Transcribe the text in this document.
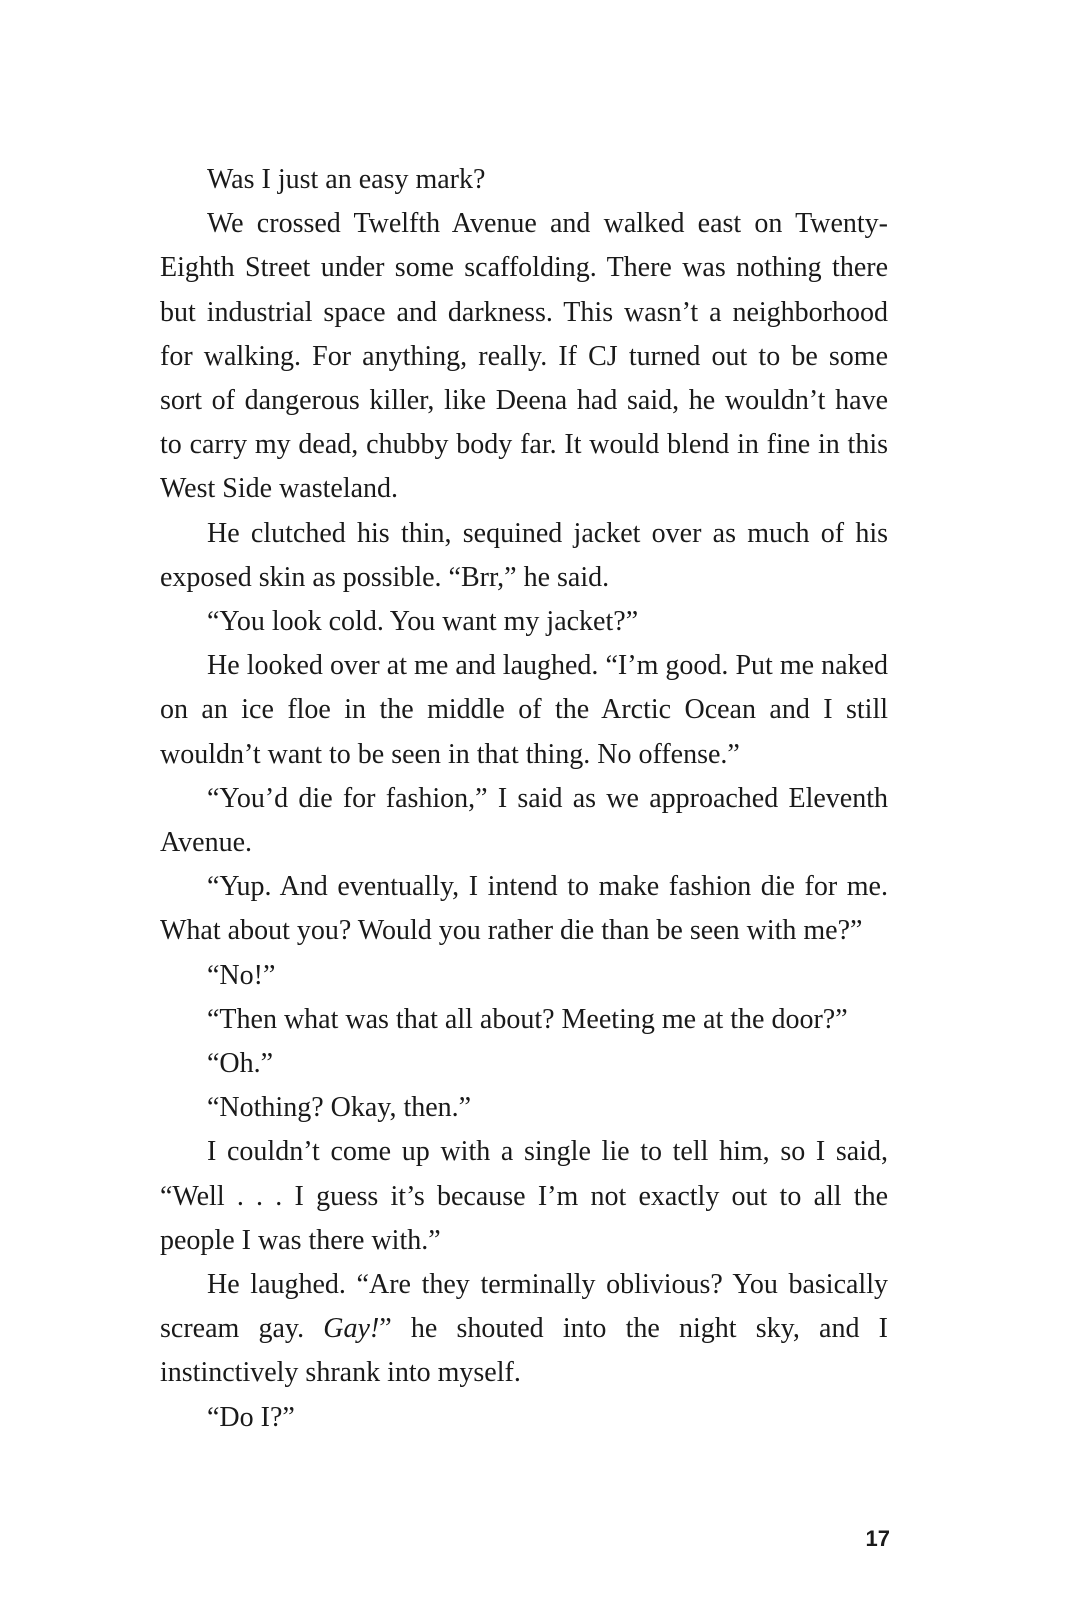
Was I just an easy mark?

We crossed Twelfth Avenue and walked east on Twenty-Eighth Street under some scaffolding. There was nothing there but industrial space and darkness. This wasn’t a neighborhood for walking. For anything, really. If CJ turned out to be some sort of dangerous killer, like Deena had said, he wouldn’t have to carry my dead, chubby body far. It would blend in fine in this West Side wasteland.

He clutched his thin, sequined jacket over as much of his exposed skin as possible. “Brr,” he said.

“You look cold. You want my jacket?”

He looked over at me and laughed. “I’m good. Put me naked on an ice floe in the middle of the Arctic Ocean and I still wouldn’t want to be seen in that thing. No offense.”

“You’d die for fashion,” I said as we approached Eleventh Avenue.

“Yup. And eventually, I intend to make fashion die for me. What about you? Would you rather die than be seen with me?”

“No!”

“Then what was that all about? Meeting me at the door?”

“Oh.”

“Nothing? Okay, then.”

I couldn’t come up with a single lie to tell him, so I said, “Well . . . I guess it’s because I’m not exactly out to all the people I was there with.”

He laughed. “Are they terminally oblivious? You basically scream gay. Gay!” he shouted into the night sky, and I instinctively shrank into myself.

“Do I?”

17
